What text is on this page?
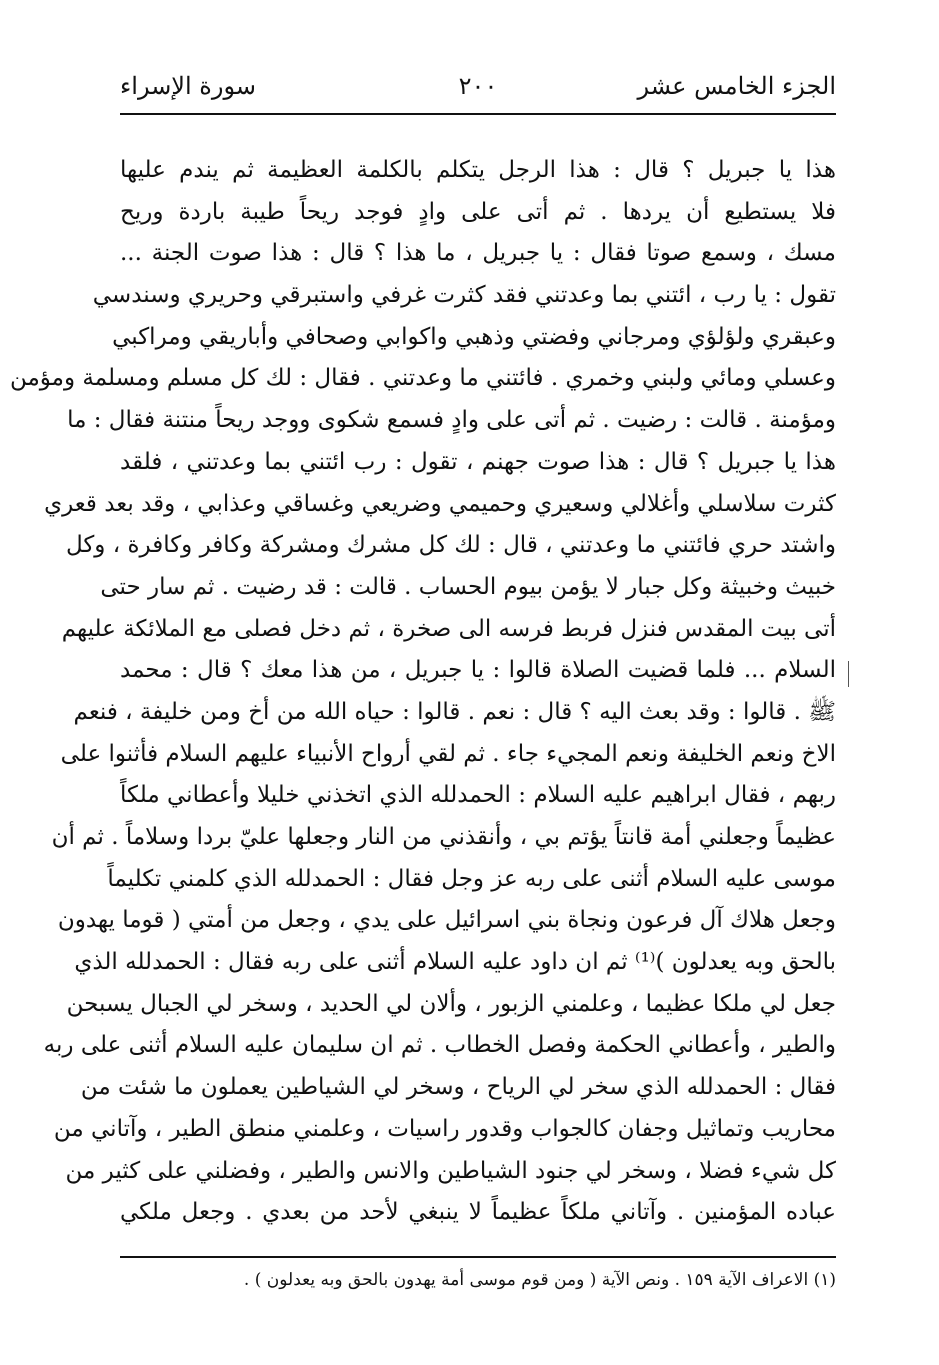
الجزء الخامس عشر
٢٠٠
سورة الإسراء
هذا يا جبريل ؟ قال : هذا الرجل يتكلم بالكلمة العظيمة ثم يندم عليها
فلا يستطيع أن يردها . ثم أتى على وادٍ فوجد ريحاً طيبة باردة وريح
مسك ، وسمع صوتا فقال : يا جبريل ، ما هذا ؟ قال : هذا صوت الجنة ...
تقول : يا رب ، ائتني بما وعدتني فقد كثرت غرفي واستبرقي وحريري وسندسي
وعبقري ولؤلؤي ومرجاني وفضتي وذهبي واكوابي وصحافي وأباريقي ومراكبي
وعسلي ومائي ولبني وخمري . فائتني ما وعدتني . فقال : لك كل مسلم ومسلمة ومؤمن
ومؤمنة . قالت : رضيت . ثم أتى على وادٍ فسمع شكوى ووجد ريحاً منتنة فقال : ما
هذا يا جبريل ؟ قال : هذا صوت جهنم ، تقول : رب ائتني بما وعدتني ، فلقد
كثرت سلاسلي وأغلالي وسعيري وحميمي وضريعي وغساقي وعذابي ، وقد بعد قعري
واشتد حري فائتني ما وعدتني ، قال : لك كل مشرك ومشركة وكافر وكافرة ، وكل
خبيث وخبيثة وكل جبار لا يؤمن بيوم الحساب . قالت : قد رضيت . ثم سار حتى
أتى بيت المقدس فنزل فربط فرسه الى صخرة ، ثم دخل فصلى مع الملائكة عليهم
السلام ... فلما قضيت الصلاة قالوا : يا جبريل ، من هذا معك ؟ قال : محمد
ﷺ . قالوا : وقد بعث اليه ؟ قال : نعم . قالوا : حياه الله من أخ ومن خليفة ، فنعم
الاخ ونعم الخليفة ونعم المجيء جاء . ثم لقي أرواح الأنبياء عليهم السلام فأثنوا على
ربهم ، فقال ابراهيم عليه السلام : الحمدلله الذي اتخذني خليلا وأعطاني ملكاً
عظيماً وجعلني أمة قانتاً يؤتم بي ، وأنقذني من النار وجعلها عليّ بردا وسلاماً . ثم أن
موسى عليه السلام أثنى على ربه عز وجل فقال : الحمدلله الذي كلمني تكليماً
وجعل هلاك آل فرعون ونجاة بني اسرائيل على يدي ، وجعل من أمتي ( قوما يهدون
بالحق وبه يعدلون )⁽¹⁾ ثم ان داود عليه السلام أثنى على ربه فقال : الحمدلله الذي
جعل لي ملكا عظيما ، وعلمني الزبور ، وألان لي الحديد ، وسخر لي الجبال يسبحن
والطير ، وأعطاني الحكمة وفصل الخطاب . ثم ان سليمان عليه السلام أثنى على ربه
فقال : الحمدلله الذي سخر لي الرياح ، وسخر لي الشياطين يعملون ما شئت من
محاريب وتماثيل وجفان كالجواب وقدور راسيات ، وعلمني منطق الطير ، وآتاني من
كل شيء فضلا ، وسخر لي جنود الشياطين والانس والطير ، وفضلني على كثير من
عباده المؤمنين . وآتاني ملكاً عظيماً لا ينبغي لأحد من بعدي . وجعل ملكي
(١) الاعراف الآية ١٥٩ . ونص الآية ( ومن قوم موسى أمة يهدون بالحق وبه يعدلون ) .
